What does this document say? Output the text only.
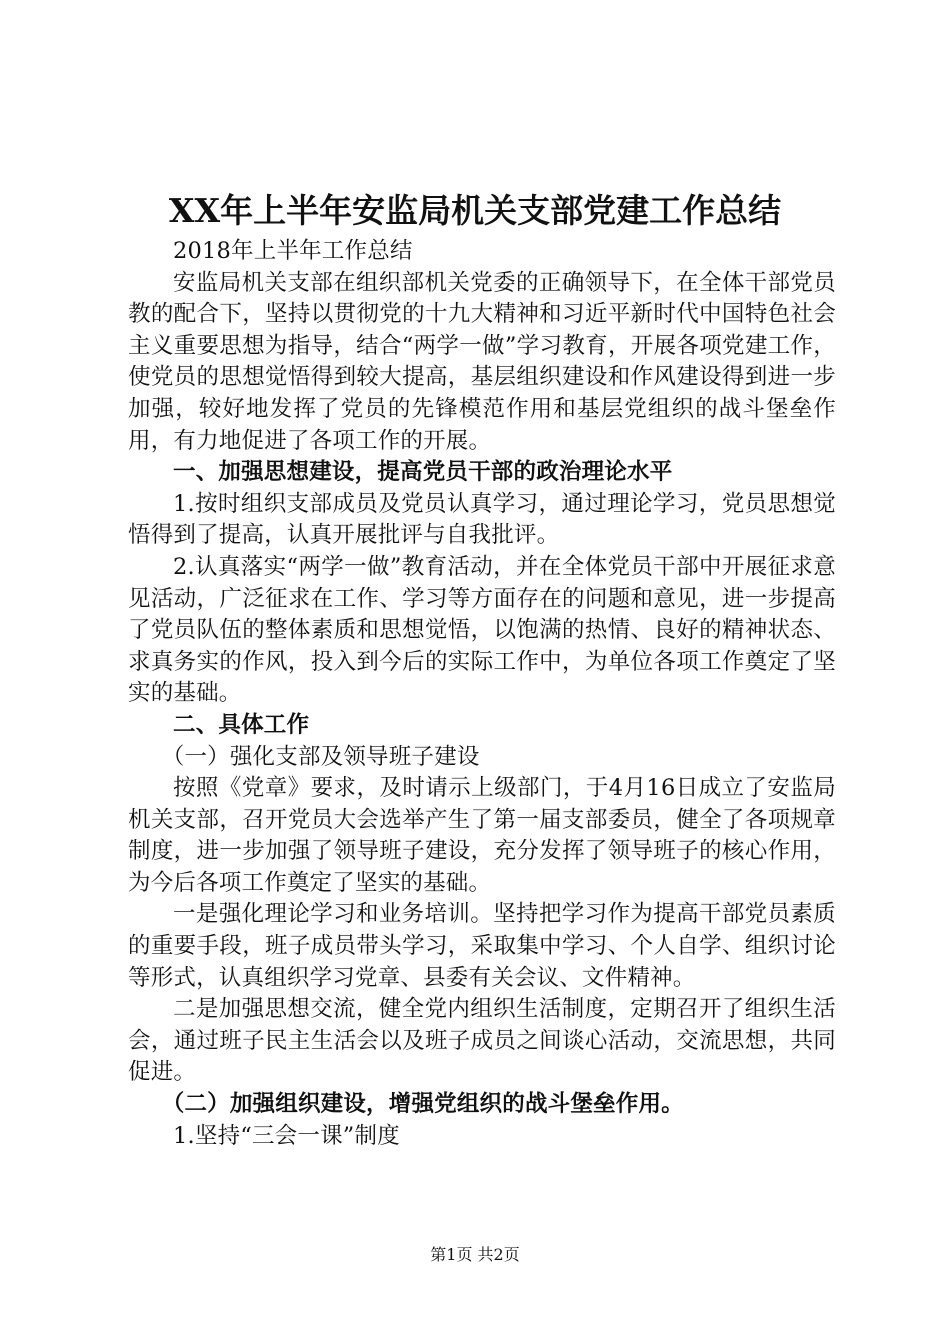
XX年上半年安监局机关支部党建工作总结

2018年上半年工作总结

安监局机关支部在组织部机关党委的正确领导下，在全体干部党员教的配合下，坚持以贯彻党的十九大精神和习近平新时代中国特色社会主义重要思想为指导，结合“两学一做”学习教育，开展各项党建工作，使党员的思想觉悟得到较大提高，基层组织建设和作风建设得到进一步加强，较好地发挥了党员的先锋模范作用和基层党组织的战斗堡垒作用，有力地促进了各项工作的开展。

一、加强思想建设，提高党员干部的政治理论水平

1.按时组织支部成员及党员认真学习，通过理论学习，党员思想觉悟得到了提高，认真开展批评与自我批评。

2.认真落实“两学一做”教育活动，并在全体党员干部中开展征求意见活动，广泛征求在工作、学习等方面存在的问题和意见，进一步提高了党员队伍的整体素质和思想觉悟，以饱满的热情、良好的精神状态、求真务实的作风，投入到今后的实际工作中，为单位各项工作奠定了坚实的基础。

二、具体工作

（一）强化支部及领导班子建设

按照《党章》要求，及时请示上级部门，于4月16日成立了安监局机关支部，召开党员大会选举产生了第一届支部委员，健全了各项规章制度，进一步加强了领导班子建设，充分发挥了领导班子的核心作用，为今后各项工作奠定了坚实的基础。

一是强化理论学习和业务培训。坚持把学习作为提高干部党员素质的重要手段，班子成员带头学习，采取集中学习、个人自学、组织讨论等形式，认真组织学习党章、县委有关会议、文件精神。

二是加强思想交流，健全党内组织生活制度，定期召开了组织生活会，通过班子民主生活会以及班子成员之间谈心活动，交流思想，共同促进。

（二）加强组织建设，增强党组织的战斗堡垒作用。

1.坚持“三会一课”制度

第1页 共2页
